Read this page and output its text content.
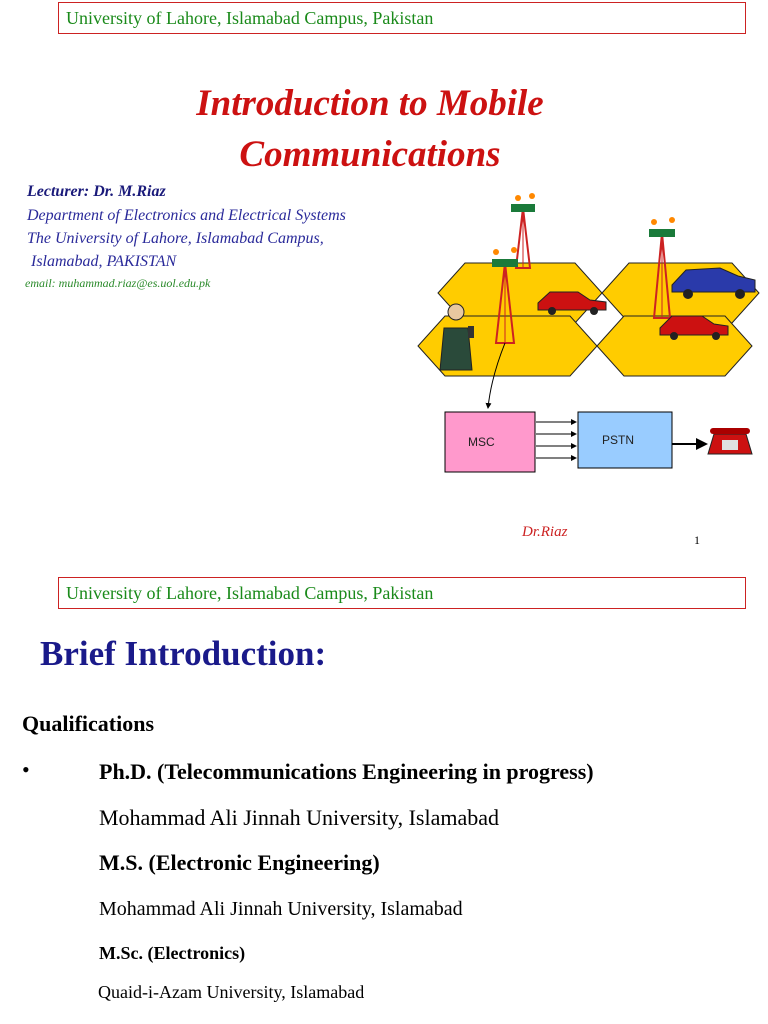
University of Lahore, Islamabad Campus, Pakistan
Introduction to Mobile
Communications
Lecturer: Dr. M.Riaz
Department of Electronics and Electrical Systems
The University of Lahore, Islamabad Campus,
Islamabad, PAKISTAN
email: muhammad.riaz@es.uol.edu.pk
MSC	PSTN
Dr.Riaz	1
University of Lahore, Islamabad Campus, Pakistan
Brief Introduction:
Qualifications
•	Ph.D. (Telecommunications Engineering in progress)
Mohammad Ali Jinnah University, Islamabad
M.S. (Electronic Engineering)
Mohammad Ali Jinnah University, Islamabad
M.Sc. (Electronics)
Quaid-i-Azam University, Islamabad
